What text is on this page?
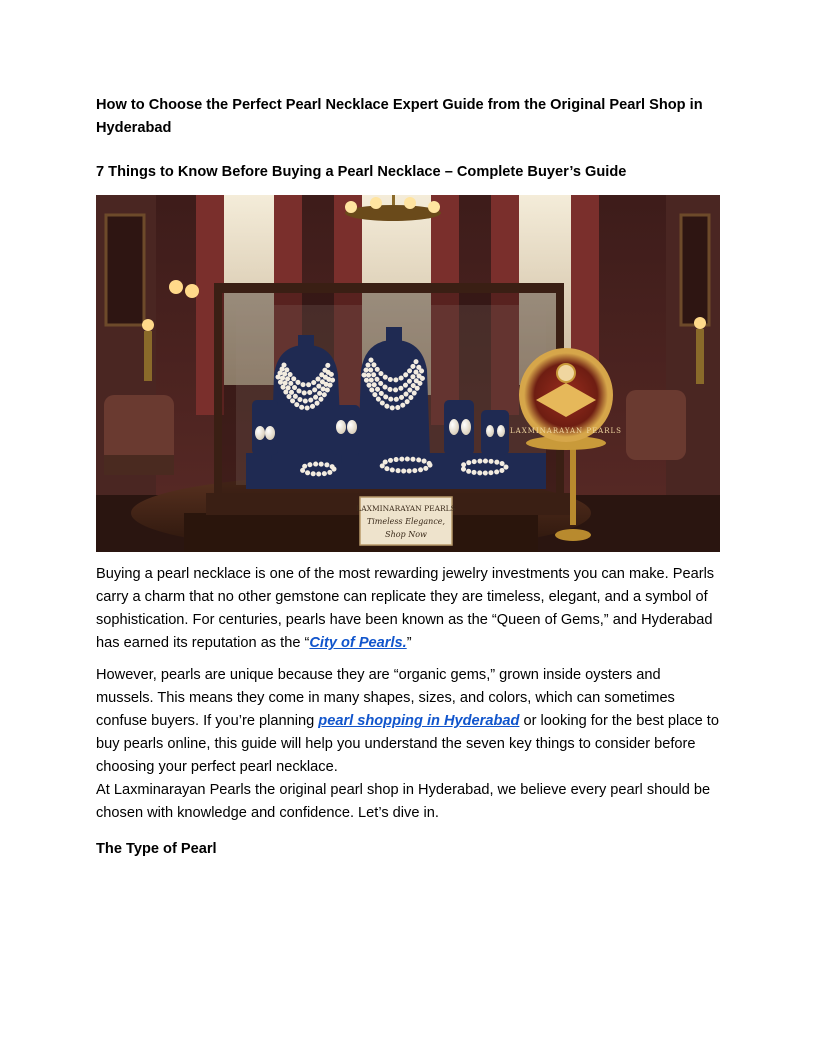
How to Choose the Perfect Pearl Necklace Expert Guide from the Original Pearl Shop in Hyderabad
7 Things to Know Before Buying a Pearl Necklace – Complete Buyer’s Guide
LAXMINARAYAN PEARLS
LAXMINARAYAN PEARLS
Timeless Elegance,
Shop Now

Buying a pearl necklace is one of the most rewarding jewelry investments you can make. Pearls carry a charm that no other gemstone can replicate they are timeless, elegant, and a symbol of sophistication. For centuries, pearls have been known as the “Queen of Gems,” and Hyderabad has earned its reputation as the “City of Pearls.”

However, pearls are unique because they are “organic gems,” grown inside oysters and mussels. This means they come in many shapes, sizes, and colors, which can sometimes confuse buyers. If you’re planning pearl shopping in Hyderabad or looking for the best place to buy pearls online, this guide will help you understand the seven key things to consider before choosing your perfect pearl necklace.

At Laxminarayan Pearls the original pearl shop in Hyderabad, we believe every pearl should be chosen with knowledge and confidence. Let’s dive in.

The Type of Pearl
